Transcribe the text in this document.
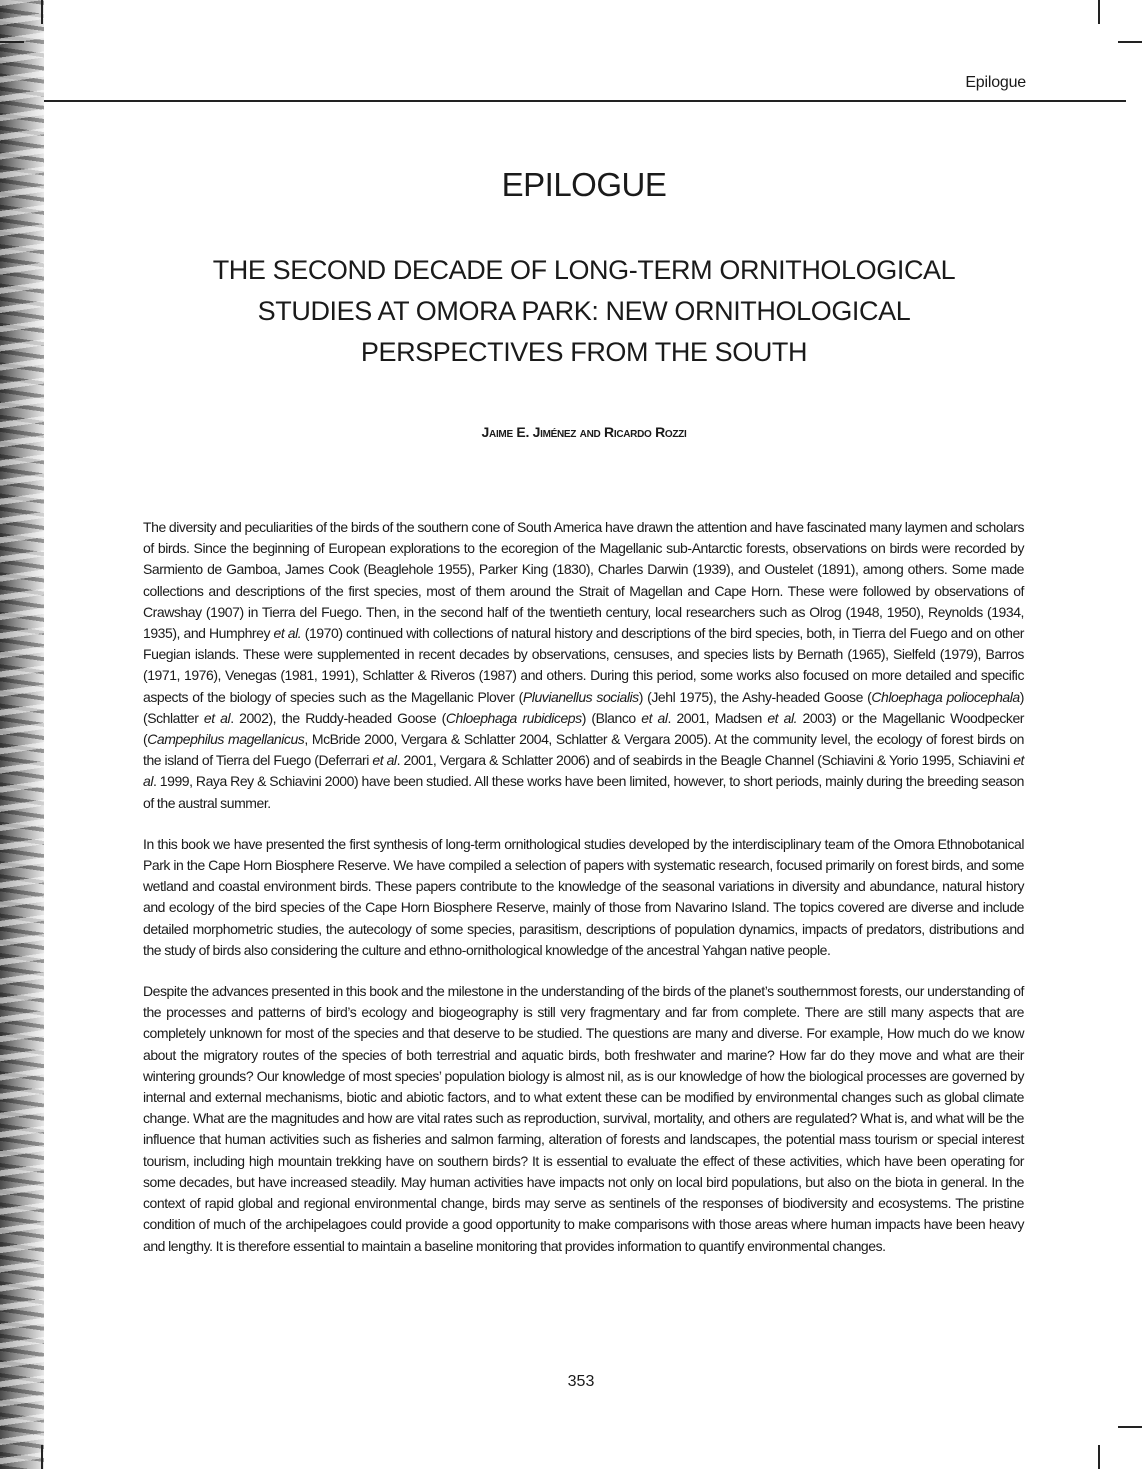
Epilogue
EPILOGUE
THE SECOND DECADE OF LONG-TERM ORNITHOLOGICAL
STUDIES AT OMORA PARK: NEW ORNITHOLOGICAL
PERSPECTIVES FROM THE SOUTH
Jaime E. Jiménez and Ricardo Rozzi

The diversity and peculiarities of the birds of the southern cone of South America have drawn the attention and have fascinated many laymen and scholars of birds. Since the beginning of European explorations to the ecoregion of the Magellanic sub-Antarctic forests, observations on birds were recorded by Sarmiento de Gamboa, James Cook (Beaglehole 1955), Parker King (1830), Charles Darwin (1939), and Oustelet (1891), among others. Some made collections and descriptions of the first species, most of them around the Strait of Magellan and Cape Horn. These were followed by observations of Crawshay (1907) in Tierra del Fuego. Then, in the second half of the twentieth century, local researchers such as Olrog (1948, 1950), Reynolds (1934, 1935), and Humphrey et al. (1970) continued with collections of natural history and descriptions of the bird species, both, in Tierra del Fuego and on other Fuegian islands. These were supplemented in recent decades by observations, censuses, and species lists by Bernath (1965), Sielfeld (1979), Barros (1971, 1976), Venegas (1981, 1991), Schlatter & Riveros (1987) and others. During this period, some works also focused on more detailed and specific aspects of the biology of species such as the Magellanic Plover (Pluvianellus socialis) (Jehl 1975), the Ashy-headed Goose (Chloephaga poliocephala) (Schlatter et al. 2002), the Ruddy-headed Goose (Chloephaga rubidiceps) (Blanco et al. 2001, Madsen et al. 2003) or the Magellanic Woodpecker (Campephilus magellanicus, McBride 2000, Vergara & Schlatter 2004, Schlatter & Vergara 2005). At the community level, the ecology of forest birds on the island of Tierra del Fuego (Deferrari et al. 2001, Vergara & Schlatter 2006) and of seabirds in the Beagle Channel (Schiavini & Yorio 1995, Schiavini et al. 1999, Raya Rey & Schiavini 2000) have been studied. All these works have been limited, however, to short periods, mainly during the breeding season of the austral summer.

In this book we have presented the first synthesis of long-term ornithological studies developed by the interdisciplinary team of the Omora Ethnobotanical Park in the Cape Horn Biosphere Reserve. We have compiled a selection of papers with systematic research, focused primarily on forest birds, and some wetland and coastal environment birds. These papers contribute to the knowledge of the seasonal variations in diversity and abundance, natural history and ecology of the bird species of the Cape Horn Biosphere Reserve, mainly of those from Navarino Island. The topics covered are diverse and include detailed morphometric studies, the autecology of some species, parasitism, descriptions of population dynamics, impacts of predators, distributions and the study of birds also considering the culture and ethno-ornithological knowledge of the ancestral Yahgan native people.

Despite the advances presented in this book and the milestone in the understanding of the birds of the planet’s southernmost forests, our understanding of the processes and patterns of bird’s ecology and biogeography is still very fragmentary and far from complete. There are still many aspects that are completely unknown for most of the species and that deserve to be studied. The questions are many and diverse. For example, How much do we know about the migratory routes of the species of both terrestrial and aquatic birds, both freshwater and marine? How far do they move and what are their wintering grounds? Our knowledge of most species’ population biology is almost nil, as is our knowledge of how the biological processes are governed by internal and external mechanisms, biotic and abiotic factors, and to what extent these can be modified by environmental changes such as global climate change. What are the magnitudes and how are vital rates such as reproduction, survival, mortality, and others are regulated? What is, and what will be the influence that human activities such as fisheries and salmon farming, alteration of forests and landscapes, the potential mass tourism or special interest tourism, including high mountain trekking have on southern birds? It is essential to evaluate the effect of these activities, which have been operating for some decades, but have increased steadily. May human activities have impacts not only on local bird populations, but also on the biota in general. In the context of rapid global and regional environmental change, birds may serve as sentinels of the responses of biodiversity and ecosystems. The pristine condition of much of the archipelagoes could provide a good opportunity to make comparisons with those areas where human impacts have been heavy and lengthy. It is therefore essential to maintain a baseline monitoring that provides information to quantify environmental changes.

353
